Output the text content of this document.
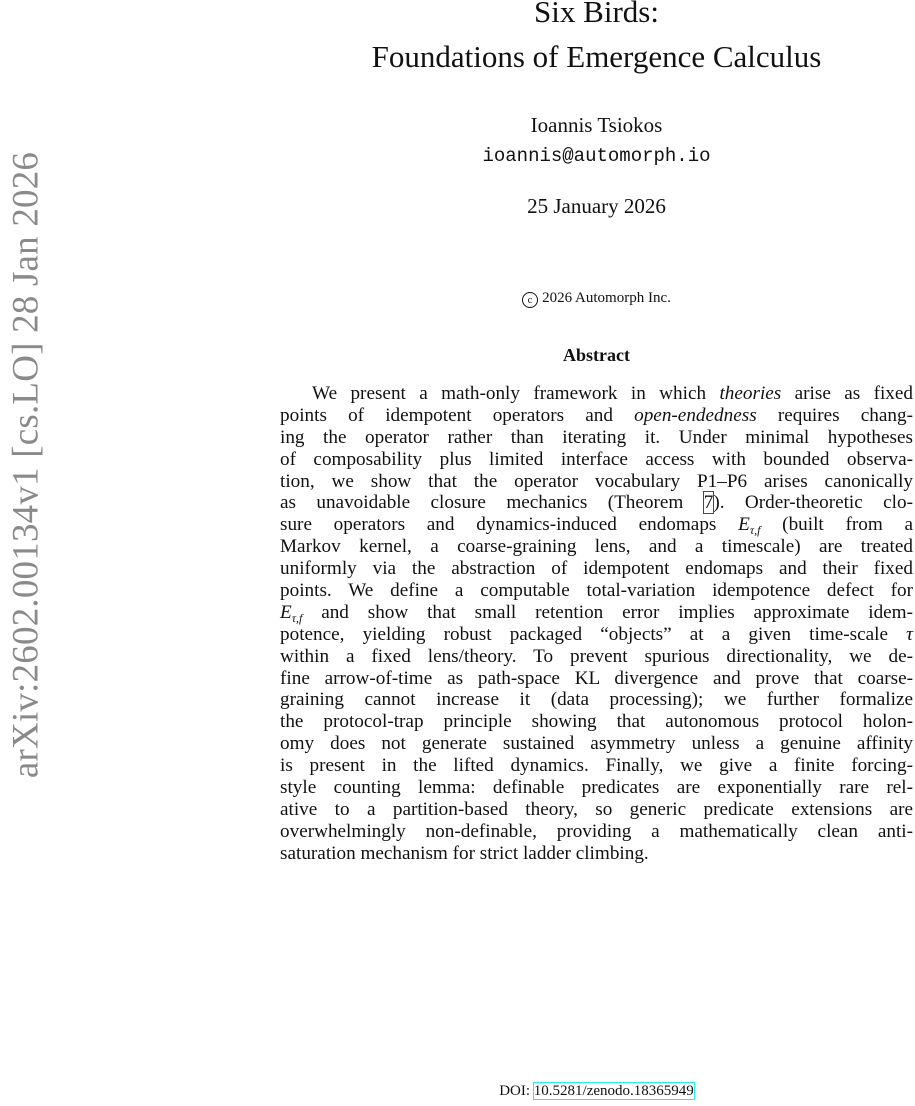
arXiv:2602.00134v1 [cs.LO] 28 Jan 2026
Six Birds:
Foundations of Emergence Calculus
Ioannis Tsiokos
ioannis@automorph.io
25 January 2026
c 2026 Automorph Inc.
Abstract
We present a math-only framework in which theories arise as fixed
points of idempotent operators and open-endedness requires chang-
ing the operator rather than iterating it. Under minimal hypotheses
of composability plus limited interface access with bounded observa-
tion, we show that the operator vocabulary P1–P6 arises canonically
as unavoidable closure mechanics (Theorem 7). Order-theoretic clo-
sure operators and dynamics-induced endomaps $E_{\tau,f}$ (built from a
Markov kernel, a coarse-graining lens, and a timescale) are treated
uniformly via the abstraction of idempotent endomaps and their fixed
points. We define a computable total-variation idempotence defect for
$E_{\tau,f}$ and show that small retention error implies approximate idem-
potence, yielding robust packaged “objects” at a given time-scale τ
within a fixed lens/theory. To prevent spurious directionality, we de-
fine arrow-of-time as path-space KL divergence and prove that coarse-
graining cannot increase it (data processing); we further formalize
the protocol-trap principle showing that autonomous protocol holon-
omy does not generate sustained asymmetry unless a genuine affinity
is present in the lifted dynamics. Finally, we give a finite forcing-
style counting lemma: definable predicates are exponentially rare rel-
ative to a partition-based theory, so generic predicate extensions are
overwhelmingly non-definable, providing a mathematically clean anti-
saturation mechanism for strict ladder climbing.
DOI: 10.5281/zenodo.18365949
